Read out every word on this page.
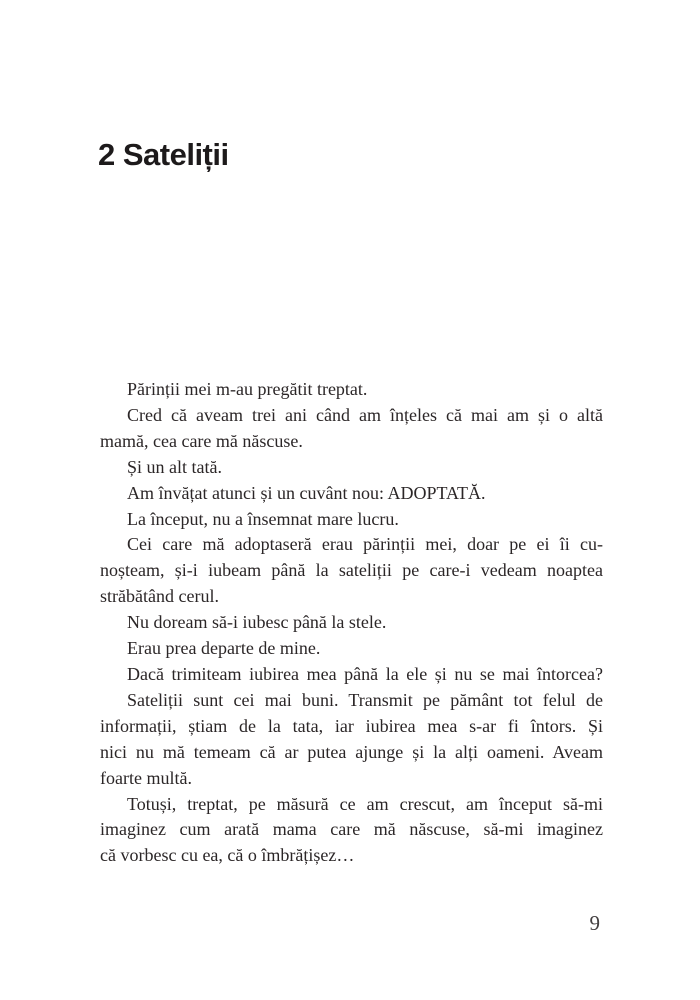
2 Sateliții

Părinții mei m-au pregătit treptat.

Cred că aveam trei ani când am înțeles că mai am și o altă
mamă, cea care mă născuse.

Și un alt tată.

Am învățat atunci și un cuvânt nou: ADOPTATĂ.

La început, nu a însemnat mare lucru.

Cei care mă adoptaseră erau părinții mei, doar pe ei îi cu-
noșteam, și-i iubeam până la sateliții pe care-i vedeam noaptea
străbătând cerul.

Nu doream să-i iubesc până la stele.

Erau prea departe de mine.

Dacă trimiteam iubirea mea până la ele și nu se mai întorcea?

Sateliții sunt cei mai buni. Transmit pe pământ tot felul de
informații, știam de la tata, iar iubirea mea s-ar fi întors. Și
nici nu mă temeam că ar putea ajunge și la alți oameni. Aveam
foarte multă.

Totuși, treptat, pe măsură ce am crescut, am început să-mi
imaginez cum arată mama care mă născuse, să-mi imaginez
că vorbesc cu ea, că o îmbrățișez…

9
